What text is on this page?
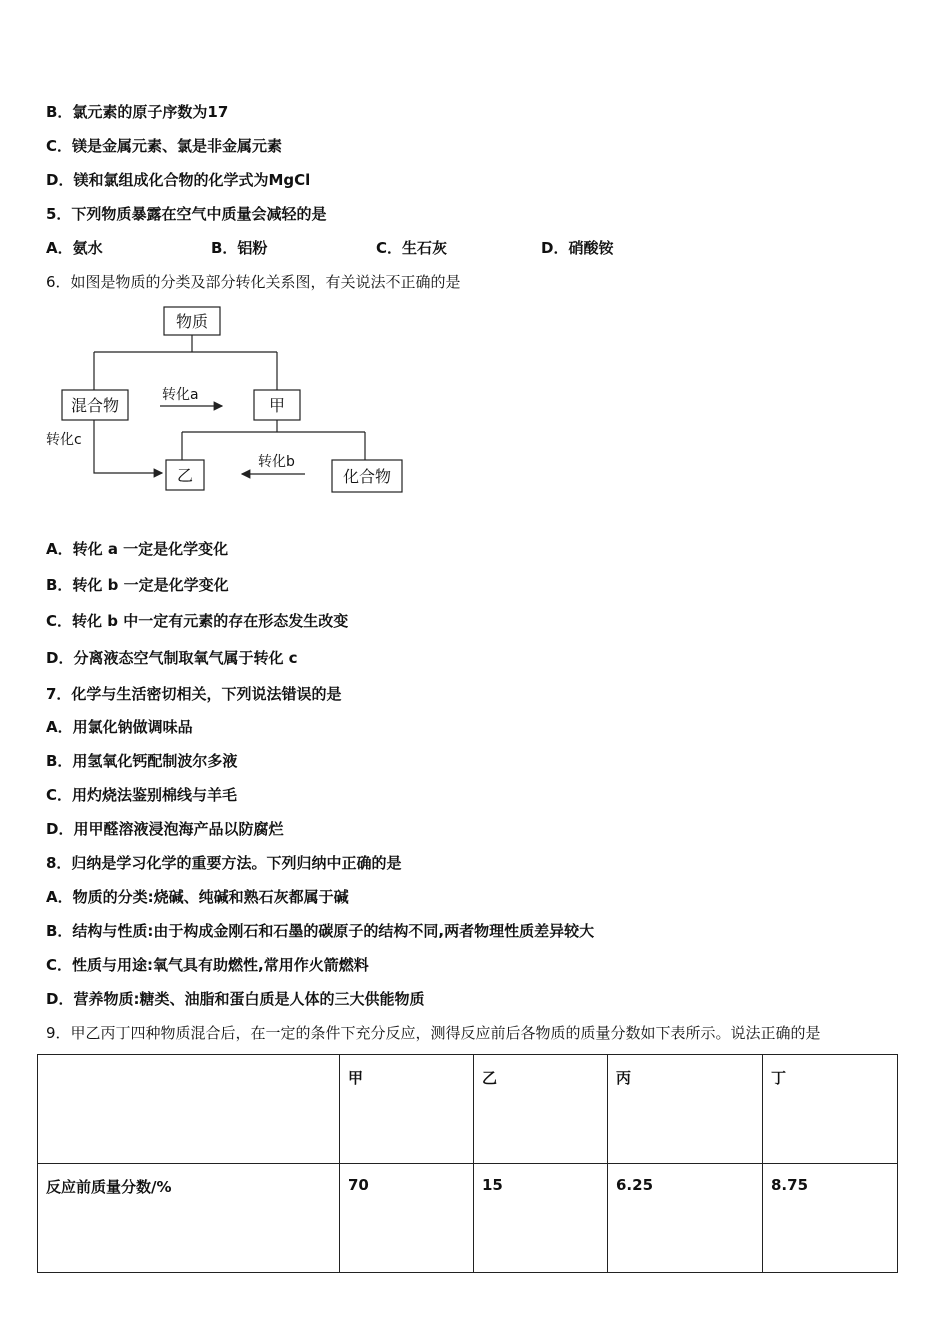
B．氯元素的原子序数为17
C．镁是金属元素、氯是非金属元素
D．镁和氯组成化合物的化学式为MgCl
5．下列物质暴露在空气中质量会减轻的是
A．氨水	B．铝粉	C．生石灰	D．硝酸铵
6．如图是物质的分类及部分转化关系图，有关说法不正确的是
物质
混合物	甲
转化a
乙	化合物
转化b
转化c
A．转化 a 一定是化学变化
B．转化 b 一定是化学变化
C．转化 b 中一定有元素的存在形态发生改变
D．分离液态空气制取氧气属于转化 c
7．化学与生活密切相关，下列说法错误的是
A．用氯化钠做调味品
B．用氢氧化钙配制波尔多液
C．用灼烧法鉴别棉线与羊毛
D．用甲醛溶液浸泡海产品以防腐烂
8．归纳是学习化学的重要方法。下列归纳中正确的是
A．物质的分类:烧碱、纯碱和熟石灰都属于碱
B．结构与性质:由于构成金刚石和石墨的碳原子的结构不同,两者物理性质差异较大
C．性质与用途:氧气具有助燃性,常用作火箭燃料
D．营养物质:糖类、油脂和蛋白质是人体的三大供能物质
9．甲乙丙丁四种物质混合后，在一定的条件下充分反应，测得反应前后各物质的质量分数如下表所示。说法正确的是
	甲	乙	丙	丁
反应前质量分数/%	70	15	6.25	8.75
